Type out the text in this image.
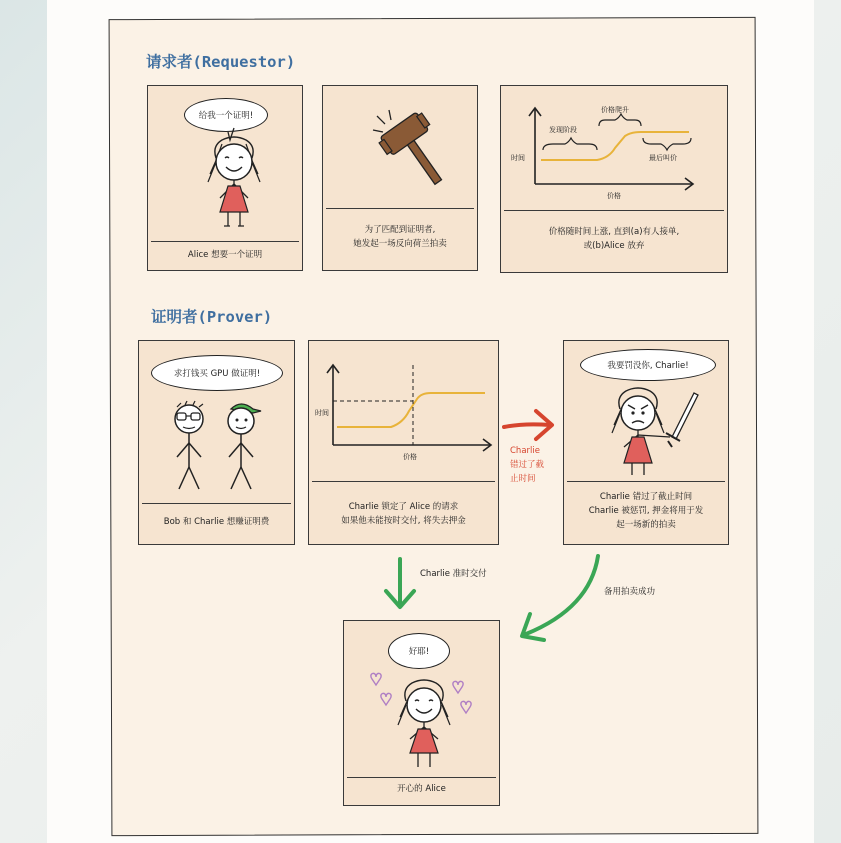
请求者(Requestor)
证明者(Prover)
给我一个证明!
Alice 想要一个证明
为了匹配到证明者,
她发起一场反向荷兰拍卖
发现阶段
价格爬升
最后叫价
价格
时间
价格随时间上涨, 直到(a)有人接单,
或(b)Alice 放弃
求打钱买 GPU 做证明!
Bob 和 Charlie 想赚证明费
价格
时间
Charlie 锁定了 Alice 的请求
如果他未能按时交付, 将失去押金
Charlie
错过了截
止时间
我要罚没你, Charlie!
Charlie 错过了截止时间
Charlie 被惩罚, 押金将用于发
起一场新的拍卖
Charlie 准时交付
备用拍卖成功
好耶!
开心的 Alice
